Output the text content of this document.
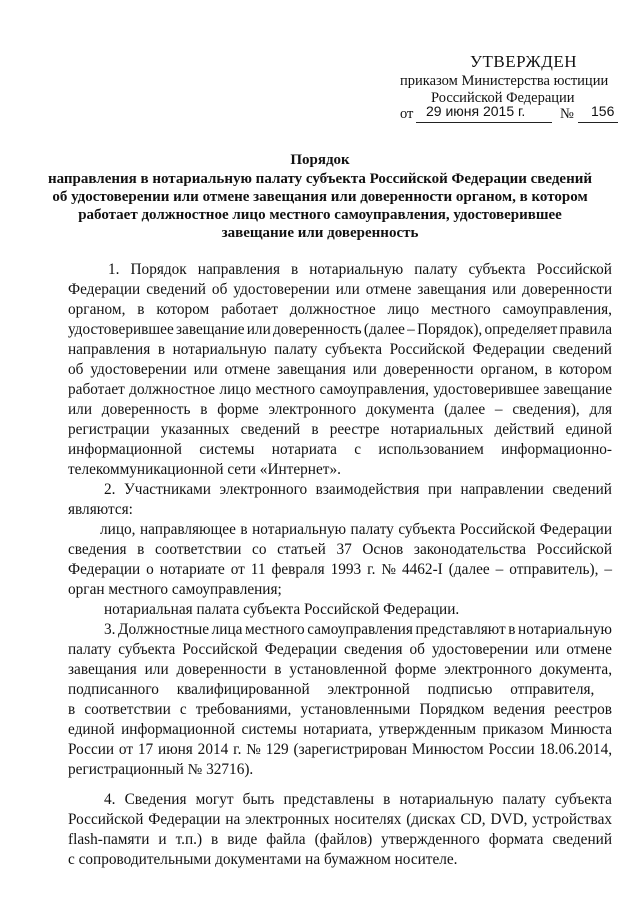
УТВЕРЖДЕН
приказом Министерства юстиции
Российской Федерации
от 29 июня 2015 г. № 156
Порядок
направления в нотариальную палату субъекта Российской Федерации сведений
об удостоверении или отмене завещания или доверенности органом, в котором
работает должностное лицо местного самоуправления, удостоверившее
завещание или доверенность
1. Порядок направления в нотариальную палату субъекта Российской
Федерации сведений об удостоверении или отмене завещания или доверенности
органом, в котором работает должностное лицо местного самоуправления,
удостоверившее завещание или доверенность (далее – Порядок), определяет правила
направления в нотариальную палату субъекта Российской Федерации сведений
об удостоверении или отмене завещания или доверенности органом, в котором
работает должностное лицо местного самоуправления, удостоверившее завещание
или доверенность в форме электронного документа (далее – сведения), для
регистрации указанных сведений в реестре нотариальных действий единой
информационной системы нотариата с использованием информационно-
телекоммуникационной сети «Интернет».
2. Участниками электронного взаимодействия при направлении сведений
являются:
лицо, направляющее в нотариальную палату субъекта Российской Федерации
сведения в соответствии со статьей 37 Основ законодательства Российской
Федерации о нотариате от 11 февраля 1993 г. № 4462-I (далее – отправитель), –
орган местного самоуправления;
нотариальная палата субъекта Российской Федерации.
3. Должностные лица местного самоуправления представляют в нотариальную
палату субъекта Российской Федерации сведения об удостоверении или отмене
завещания или доверенности в установленной форме электронного документа,
подписанного квалифицированной электронной подписью отправителя,
в соответствии с требованиями, установленными Порядком ведения реестров
единой информационной системы нотариата, утвержденным приказом Минюста
России от 17 июня 2014 г. № 129 (зарегистрирован Минюстом России 18.06.2014,
регистрационный № 32716).
4. Сведения могут быть представлены в нотариальную палату субъекта
Российской Федерации на электронных носителях (дисках CD, DVD, устройствах
flash-памяти и т.п.) в виде файла (файлов) утвержденного формата сведений
с сопроводительными документами на бумажном носителе.
